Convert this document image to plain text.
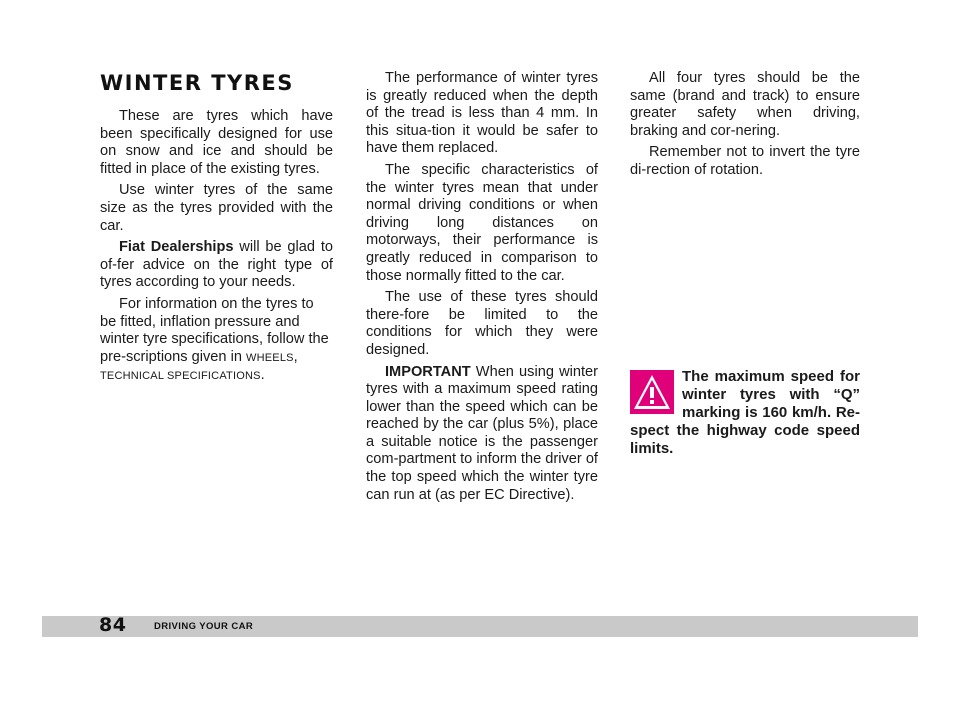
WINTER TYRES

These are tyres which have been specifically designed for use on snow and ice and should be fitted in place of the existing tyres.

Use winter tyres of the same size as the tyres provided with the car.

Fiat Dealerships will be glad to of-fer advice on the right type of tyres according to your needs.

For information on the tyres to be fitted, inflation pressure and winter tyre specifications, follow the pre-scriptions given in WHEELS, TECHNICAL SPECIFICATIONS.

The performance of winter tyres is greatly reduced when the depth of the tread is less than 4 mm. In this situa-tion it would be safer to have them replaced.

The specific characteristics of the winter tyres mean that under normal driving conditions or when driving long distances on motorways, their performance is greatly reduced in comparison to those normally fitted to the car.

The use of these tyres should there-fore be limited to the conditions for which they were designed.

IMPORTANT When using winter tyres with a maximum speed rating lower than the speed which can be reached by the car (plus 5%), place a suitable notice is the passenger com-partment to inform the driver of the top speed which the winter tyre can run at (as per EC Directive).

All four tyres should be the same (brand and track) to ensure greater safety when driving, braking and cor-nering.

Remember not to invert the tyre di-rection of rotation.

The maximum speed for winter tyres with “Q” marking is 160 km/h. Re-spect the highway code speed limits.
84	DRIVING YOUR CAR
